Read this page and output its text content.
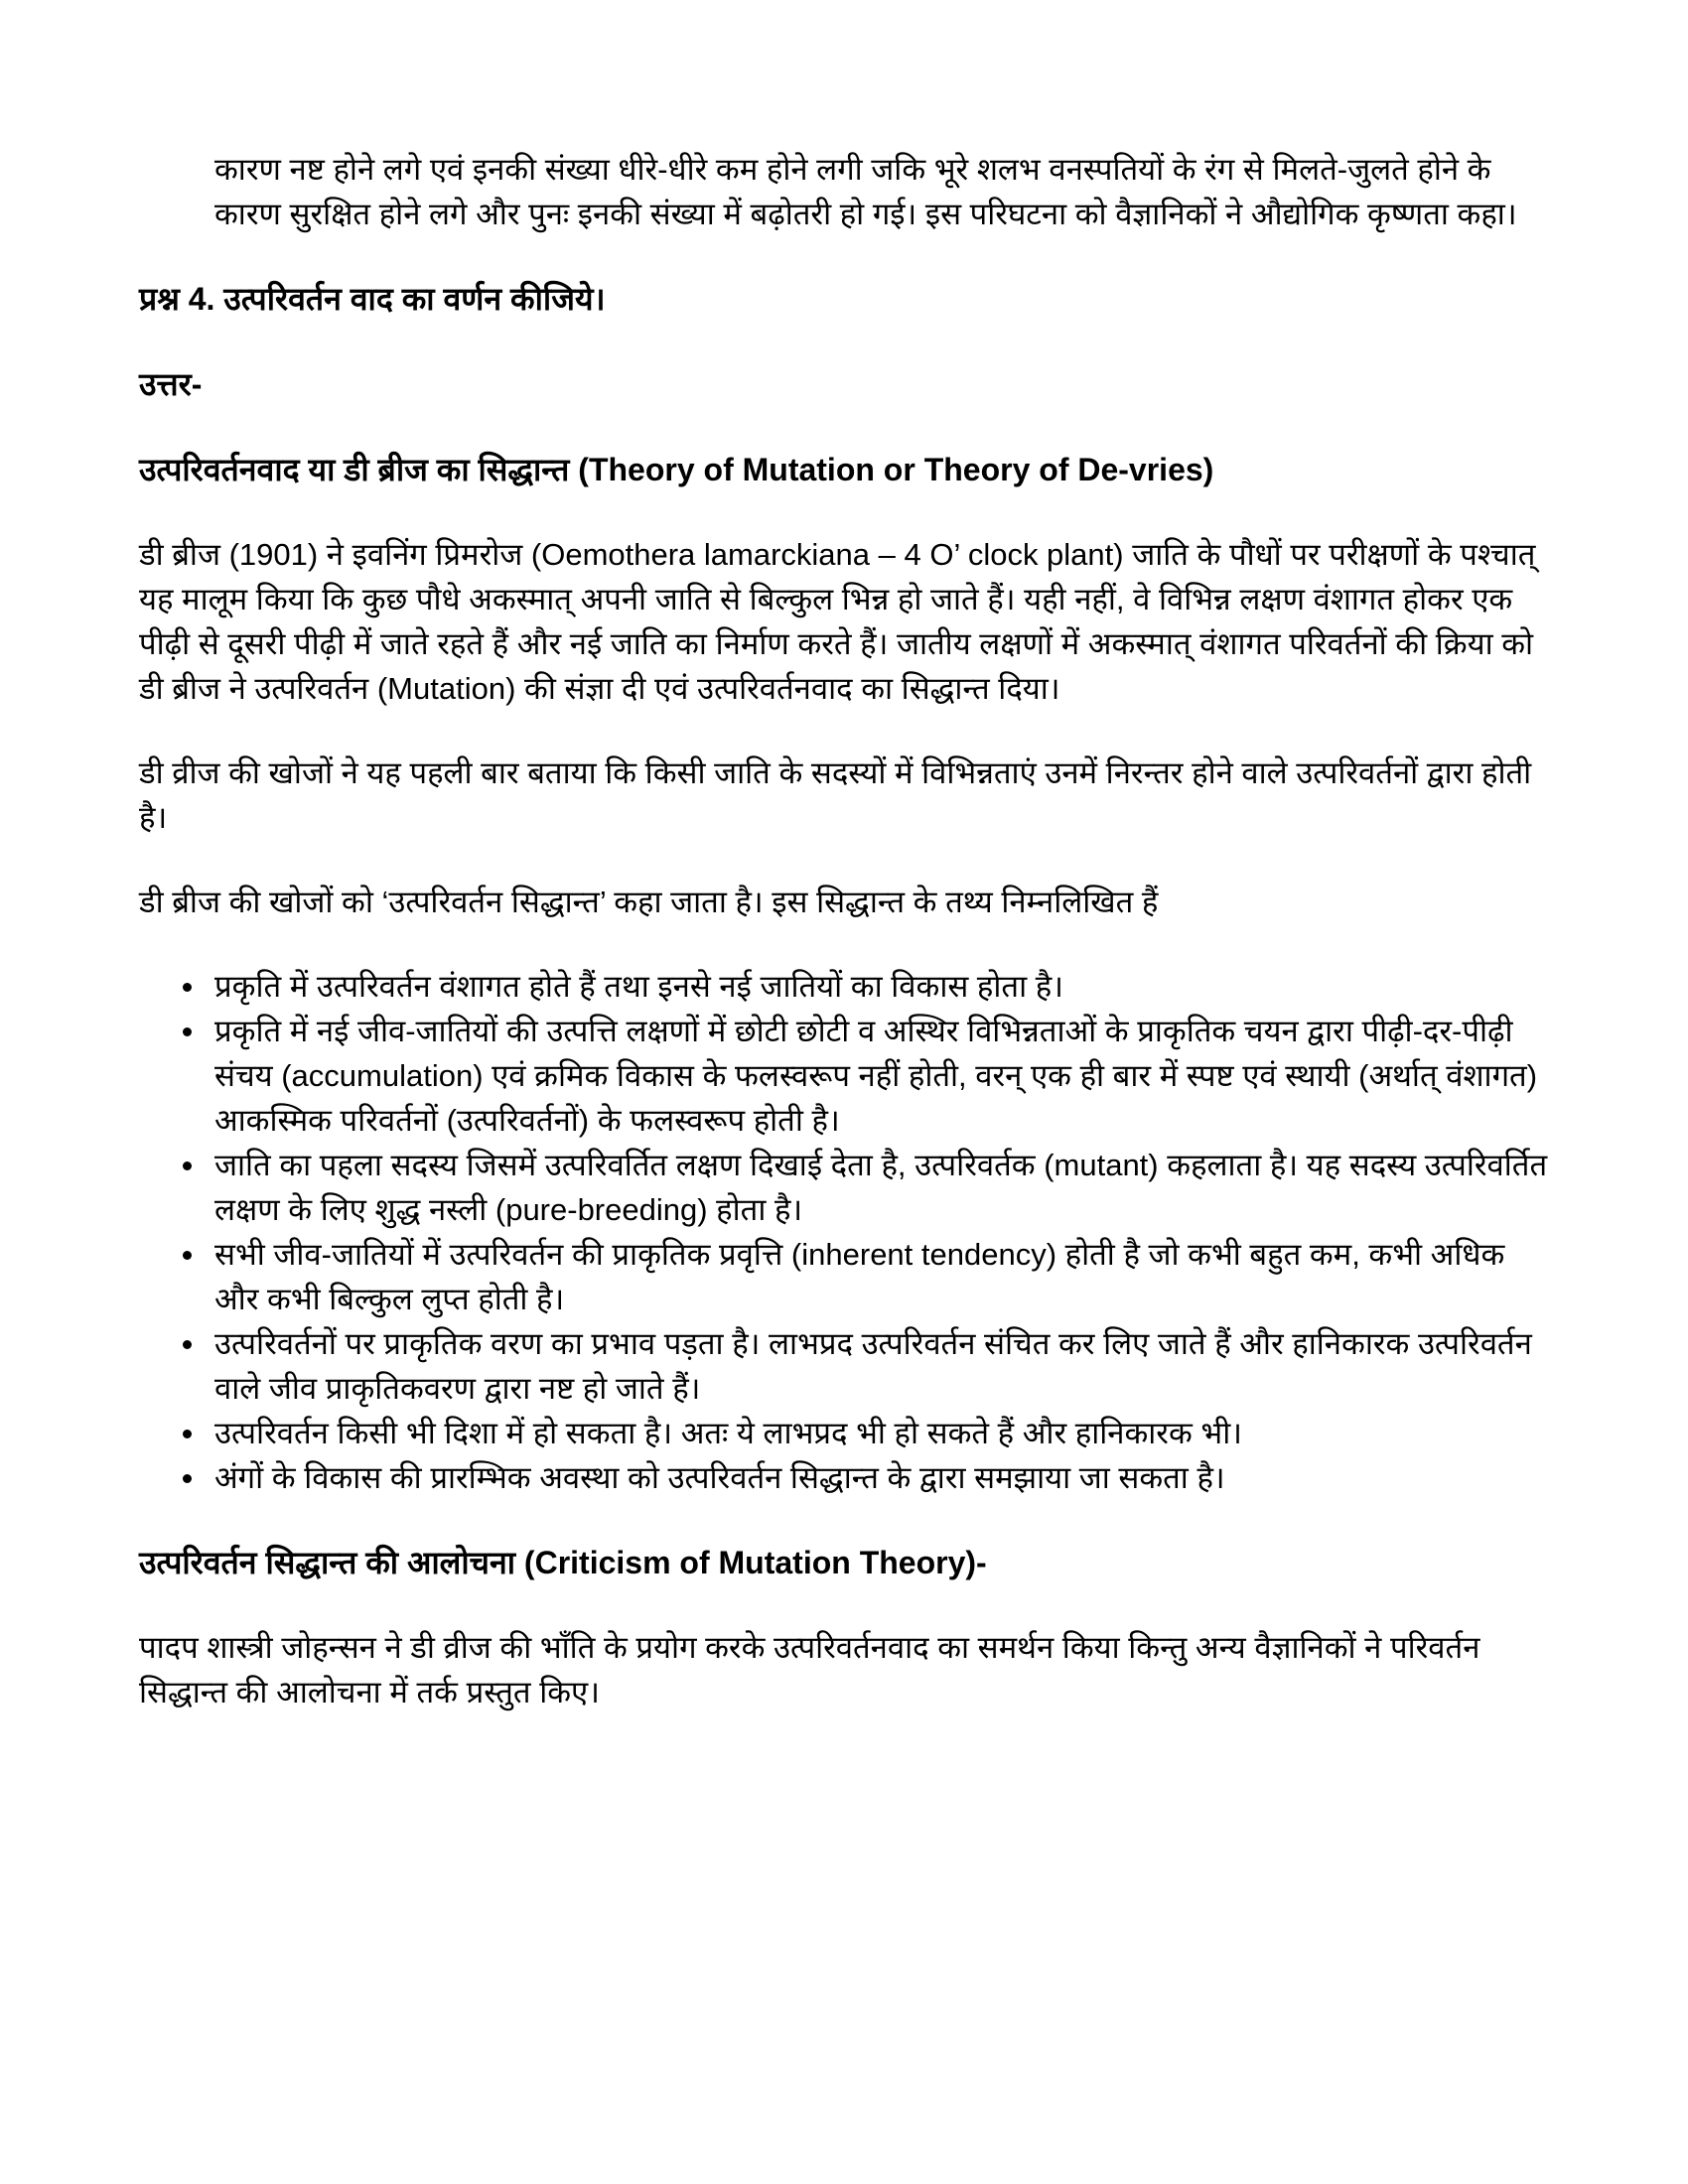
कारण नष्ट होने लगे एवं इनकी संख्या धीरे-धीरे कम होने लगी जकि भूरे शलभ वनस्पतियों के रंग से मिलते-जुलते होने के कारण सुरक्षित होने लगे और पुनः इनकी संख्या में बढ़ोतरी हो गई। इस परिघटना को वैज्ञानिकों ने औद्योगिक कृष्णता कहा।

प्रश्न 4. उत्परिवर्तन वाद का वर्णन कीजिये।
उत्तर-
उत्परिवर्तनवाद या डी ब्रीज का सिद्धान्त (Theory of Mutation or Theory of De-vries)

डी ब्रीज (1901) ने इवनिंग प्रिमरोज (Oemothera lamarckiana – 4 O’ clock plant) जाति के पौधों पर परीक्षणों के पश्चात् यह मालूम किया कि कुछ पौधे अकस्मात् अपनी जाति से बिल्कुल भिन्न हो जाते हैं। यही नहीं, वे विभिन्न लक्षण वंशागत होकर एक पीढ़ी से दूसरी पीढ़ी में जाते रहते हैं और नई जाति का निर्माण करते हैं। जातीय लक्षणों में अकस्मात् वंशागत परिवर्तनों की क्रिया को डी ब्रीज ने उत्परिवर्तन (Mutation) की संज्ञा दी एवं उत्परिवर्तनवाद का सिद्धान्त दिया।

डी व्रीज की खोजों ने यह पहली बार बताया कि किसी जाति के सदस्यों में विभिन्नताएं उनमें निरन्तर होने वाले उत्परिवर्तनों द्वारा होती है।

डी ब्रीज की खोजों को ‘उत्परिवर्तन सिद्धान्त’ कहा जाता है। इस सिद्धान्त के तथ्य निम्नलिखित हैं

प्रकृति में उत्परिवर्तन वंशागत होते हैं तथा इनसे नई जातियों का विकास होता है।
प्रकृति में नई जीव-जातियों की उत्पत्ति लक्षणों में छोटी छोटी व अस्थिर विभिन्नताओं के प्राकृतिक चयन द्वारा पीढ़ी-दर-पीढ़ी संचय (accumulation) एवं क्रमिक विकास के फलस्वरूप नहीं होती, वरन् एक ही बार में स्पष्ट एवं स्थायी (अर्थात् वंशागत) आकस्मिक परिवर्तनों (उत्परिवर्तनों) के फलस्वरूप होती है।
जाति का पहला सदस्य जिसमें उत्परिवर्तित लक्षण दिखाई देता है, उत्परिवर्तक (mutant) कहलाता है। यह सदस्य उत्परिवर्तित लक्षण के लिए शुद्ध नस्ली (pure-breeding) होता है।
सभी जीव-जातियों में उत्परिवर्तन की प्राकृतिक प्रवृत्ति (inherent tendency) होती है जो कभी बहुत कम, कभी अधिक और कभी बिल्कुल लुप्त होती है।
उत्परिवर्तनों पर प्राकृतिक वरण का प्रभाव पड़ता है। लाभप्रद उत्परिवर्तन संचित कर लिए जाते हैं और हानिकारक उत्परिवर्तन वाले जीव प्राकृतिकवरण द्वारा नष्ट हो जाते हैं।
उत्परिवर्तन किसी भी दिशा में हो सकता है। अतः ये लाभप्रद भी हो सकते हैं और हानिकारक भी।
अंगों के विकास की प्रारम्भिक अवस्था को उत्परिवर्तन सिद्धान्त के द्वारा समझाया जा सकता है।
उत्परिवर्तन सिद्धान्त की आलोचना (Criticism of Mutation Theory)-

पादप शास्त्री जोहन्सन ने डी व्रीज की भाँति के प्रयोग करके उत्परिवर्तनवाद का समर्थन किया किन्तु अन्य वैज्ञानिकों ने परिवर्तन सिद्धान्त की आलोचना में तर्क प्रस्तुत किए।
